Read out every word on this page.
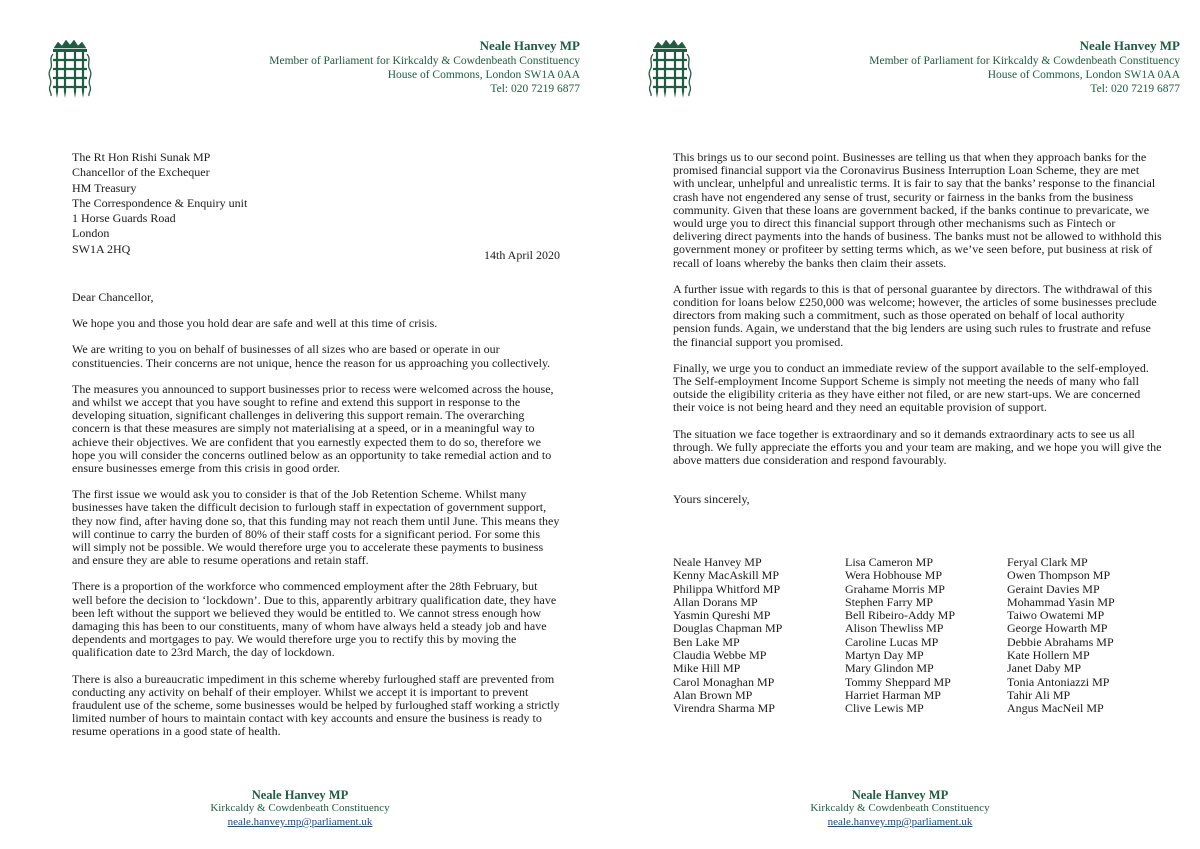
Neale Hanvey MP
Member of Parliament for Kirkcaldy & Cowdenbeath Constituency
House of Commons, London SW1A 0AA
Tel: 020 7219 6877
The Rt Hon Rishi Sunak MP
Chancellor of the Exchequer
HM Treasury
The Correspondence & Enquiry unit
1 Horse Guards Road
London
SW1A 2HQ	14th April 2020

Dear Chancellor,

We hope you and those you hold dear are safe and well at this time of crisis.

We are writing to you on behalf of businesses of all sizes who are based or operate in our constituencies. Their concerns are not unique, hence the reason for us approaching you collectively.

The measures you announced to support businesses prior to recess were welcomed across the house, and whilst we accept that you have sought to refine and extend this support in response to the developing situation, significant challenges in delivering this support remain. The overarching concern is that these measures are simply not materialising at a speed, or in a meaningful way to achieve their objectives. We are confident that you earnestly expected them to do so, therefore we hope you will consider the concerns outlined below as an opportunity to take remedial action and to ensure businesses emerge from this crisis in good order.

The first issue we would ask you to consider is that of the Job Retention Scheme. Whilst many businesses have taken the difficult decision to furlough staff in expectation of government support, they now find, after having done so, that this funding may not reach them until June. This means they will continue to carry the burden of 80% of their staff costs for a significant period. For some this will simply not be possible. We would therefore urge you to accelerate these payments to business and ensure they are able to resume operations and retain staff.

There is a proportion of the workforce who commenced employment after the 28th February, but well before the decision to ‘lockdown’. Due to this, apparently arbitrary qualification date, they have been left without the support we believed they would be entitled to. We cannot stress enough how damaging this has been to our constituents, many of whom have always held a steady job and have dependents and mortgages to pay. We would therefore urge you to rectify this by moving the qualification date to 23rd March, the day of lockdown.

There is also a bureaucratic impediment in this scheme whereby furloughed staff are prevented from conducting any activity on behalf of their employer. Whilst we accept it is important to prevent fraudulent use of the scheme, some businesses would be helped by furloughed staff working a strictly limited number of hours to maintain contact with key accounts and ensure the business is ready to resume operations in a good state of health.

Neale Hanvey MP
Kirkcaldy & Cowdenbeath Constituency
neale.hanvey.mp@parliament.uk
Neale Hanvey MP
Member of Parliament for Kirkcaldy & Cowdenbeath Constituency
House of Commons, London SW1A 0AA
Tel: 020 7219 6877

This brings us to our second point. Businesses are telling us that when they approach banks for the promised financial support via the Coronavirus Business Interruption Loan Scheme, they are met with unclear, unhelpful and unrealistic terms. It is fair to say that the banks’ response to the financial crash have not engendered any sense of trust, security or fairness in the banks from the business community. Given that these loans are government backed, if the banks continue to prevaricate, we would urge you to direct this financial support through other mechanisms such as Fintech or delivering direct payments into the hands of business. The banks must not be allowed to withhold this government money or profiteer by setting terms which, as we’ve seen before, put business at risk of recall of loans whereby the banks then claim their assets.

A further issue with regards to this is that of personal guarantee by directors. The withdrawal of this condition for loans below £250,000 was welcome; however, the articles of some businesses preclude directors from making such a commitment, such as those operated on behalf of local authority pension funds. Again, we understand that the big lenders are using such rules to frustrate and refuse the financial support you promised.

Finally, we urge you to conduct an immediate review of the support available to the self-employed. The Self-employment Income Support Scheme is simply not meeting the needs of many who fall outside the eligibility criteria as they have either not filed, or are new start-ups. We are concerned their voice is not being heard and they need an equitable provision of support.

The situation we face together is extraordinary and so it demands extraordinary acts to see us all through. We fully appreciate the efforts you and your team are making, and we hope you will give the above matters due consideration and respond favourably.

Yours sincerely,

Neale Hanvey MP
Kenny MacAskill MP
Philippa Whitford MP
Allan Dorans MP
Yasmin Qureshi MP
Douglas Chapman MP
Ben Lake MP
Claudia Webbe MP
Mike Hill MP
Carol Monaghan MP
Alan Brown MP
Virendra Sharma MP
Lisa Cameron MP
Wera Hobhouse MP
Grahame Morris MP
Stephen Farry MP
Bell Ribeiro-Addy MP
Alison Thewliss MP
Caroline Lucas MP
Martyn Day MP
Mary Glindon MP
Tommy Sheppard MP
Harriet Harman MP
Clive Lewis MP
Feryal Clark MP
Owen Thompson MP
Geraint Davies MP
Mohammad Yasin MP
Taiwo Owatemi MP
George Howarth MP
Debbie Abrahams MP
Kate Hollern MP
Janet Daby MP
Tonia Antoniazzi MP
Tahir Ali MP
Angus MacNeil MP
Neale Hanvey MP
Kirkcaldy & Cowdenbeath Constituency
neale.hanvey.mp@parliament.uk
